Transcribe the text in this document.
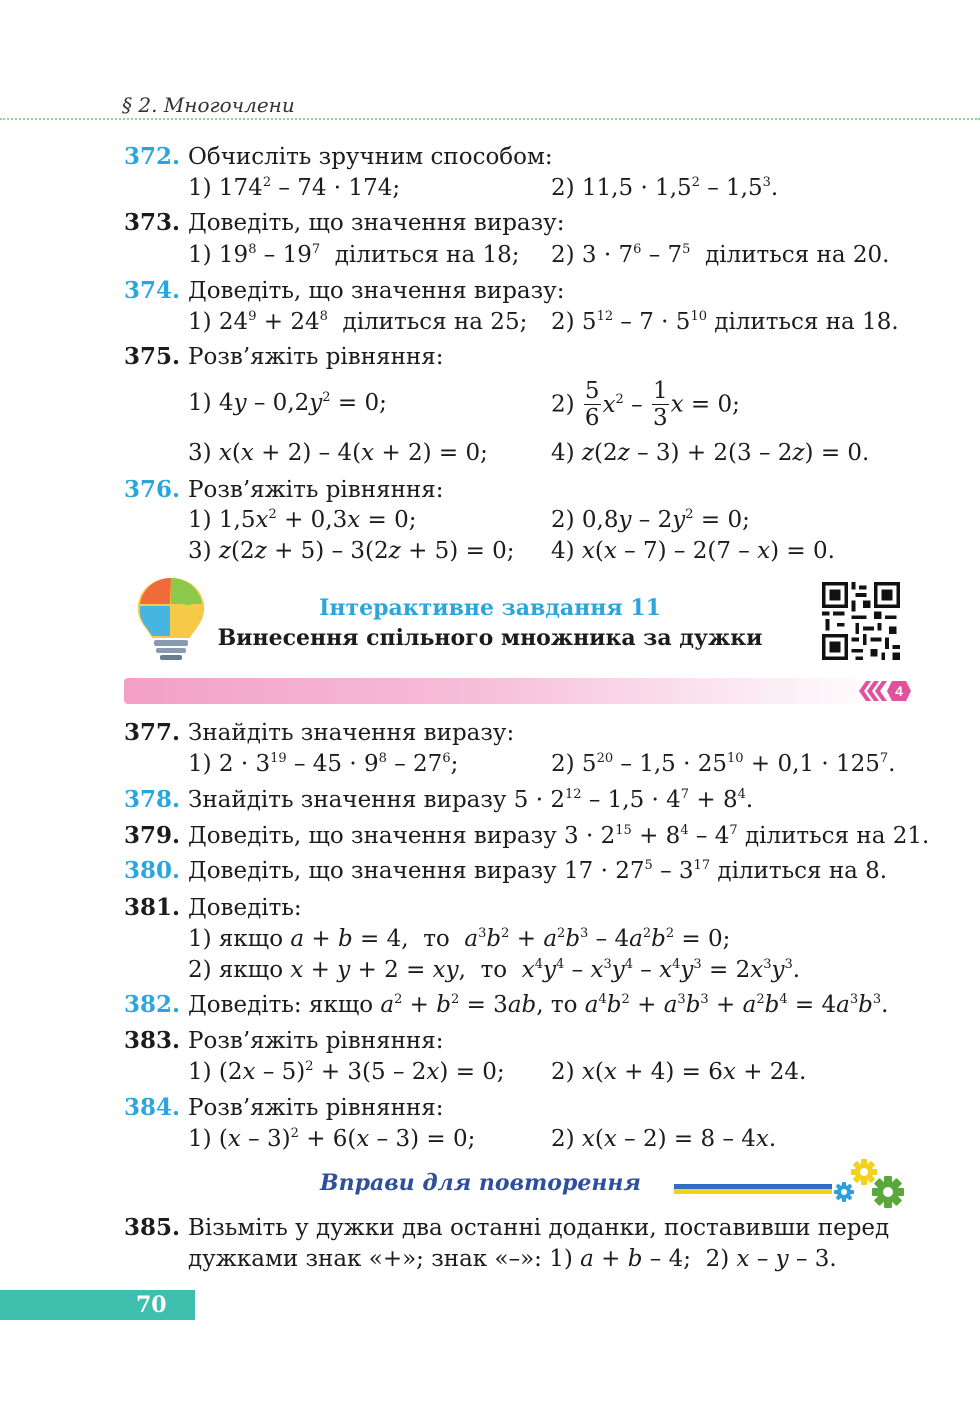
§ 2. Многочлени
372. Обчисліть зручним способом:
1) $174^2 - 74 \cdot 174$;	2) $11,5 \cdot 1,5^2 - 1,5^3$.
373. Доведіть, що значення виразу:
1) $19^8 - 19^7$ ділиться на 18; 2) $3 \cdot 7^6 - 7^5$ ділиться на 20.
374. Доведіть, що значення виразу:
1) $24^9 + 24^8$ ділиться на 25; 2) $5^{12} - 7 \cdot 5^{10}$ ділиться на 18.
375. Розв’яжіть рівняння:
1) $4y - 0,2y^2 = 0$;	$2) \frac{5}{6} x^2 - \frac{1}{3}$ x = 0;
3) x(x + 2) – 4(x + 2) = 0;	4) z(2z – 3) + 2(3 – 2z) = 0.
376. Розв’яжіть рівняння:
1) $1,5x^2 + 0,3x = 0$;	2) $0,8y - 2y^2 = 0$;
3) z(2z + 5) – 3(2z + 5) = 0; 4) x(x – 7) – 2(7 – x) = 0.
Інтерактивне завдання 11
Винесення спільного множника за дужки
4
377. Знайдіть значення виразу:
1) $2 \cdot 3^{19} - 45 \cdot 9^8 - 27^6$;	2) $5^{20} - 1,5 \cdot 25^{10} + 0,1 \cdot 125^7$.
378. Знайдіть значення виразу $5 \cdot 2^{12} - 1,5 \cdot 4^7 + 8^4$.
379. Доведіть, що значення виразу $3 \cdot 2^{15} + 8^4 - 4^7$ ділиться на 21.
380. Доведіть, що значення виразу $17 \cdot 27^5 - 3^{17}$ ділиться на 8.
381. Доведіть:
1) якщо a + b = 4,  то $a^3b^2 + a^2b^3 - 4a^2b^2 = 0$;
2) якщо x + y + 2 = xy,  то $x^4y^4 - x^3y^4 - x^4y^3 = 2x^3y^3$.
382. Доведіть: якщо $a^2 + b^2 = 3ab$, то $a^4b^2 + a^3b^3 + a^2b^4 = 4a^3b^3$.
383. Розв’яжіть рівняння:
1) (2x – 5)$^2$ + 3(5 – 2x) = 0; 2) x(x + 4) = 6x + 24.
384. Розв’яжіть рівняння:
1) (x – 3)$^2$ + 6(x – 3) = 0;	2) x(x – 2) = 8 – 4x.
Вправи для повторення
385. Візьміть у дужки два останні доданки, поставивши перед
дужками знак «+»; знак «–»: 1) a + b – 4;  2) x – y – 3.
70
